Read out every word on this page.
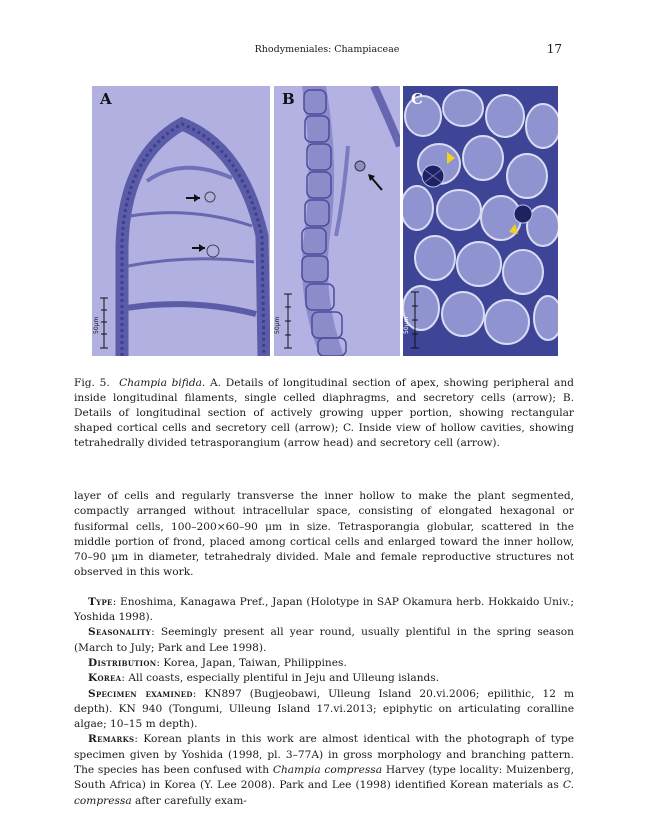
Rhodymeniales: Champiaceae	17
A
50μm
B
50μm
C
50μm
Fig. 5. Champia bifida. A. Details of longitudinal section of apex, showing peripheral and inside longitudinal filaments, single celled diaphragms, and secretory cells (arrow); B. Details of longitudinal section of actively growing upper portion, showing rectangular shaped cortical cells and secretory cell (arrow); C. Inside view of hollow cavities, showing tetrahedrally divided tetrasporangium (arrow head) and secretory cell (arrow).

layer of cells and regularly transverse the inner hollow to make the plant segmented, compactly arranged without intracellular space, consisting of elongated hexagonal or fusiformal cells, 100–200×60–90 μm in size. Tetrasporangia globular, scattered in the middle portion of frond, placed among cortical cells and enlarged toward the inner hollow, 70–90 μm in diameter, tetrahedraly divided. Male and female reproductive structures not observed in this work.

Type: Enoshima, Kanagawa Pref., Japan (Holotype in SAP Okamura herb. Hokkaido Univ.; Yoshida 1998).

Seasonality: Seemingly present all year round, usually plentiful in the spring season (March to July; Park and Lee 1998).

Distribution: Korea, Japan, Taiwan, Philippines.

Korea: All coasts, especially plentiful in Jeju and Ulleung islands.

Specimen examined: KN897 (Bugjeobawi, Ulleung Island 20.vi.2006; epilithic, 12 m depth). KN 940 (Tongumi, Ulleung Island 17.vi.2013; epiphytic on articulating coralline algae; 10–15 m depth).

Remarks: Korean plants in this work are almost identical with the photograph of type specimen given by Yoshida (1998, pl. 3–77A) in gross morphology and branching pattern. The species has been confused with Champia compressa Harvey (type locality: Muizenberg, South Africa) in Korea (Y. Lee 2008). Park and Lee (1998) identified Korean materials as C. compressa after carefully exam-
